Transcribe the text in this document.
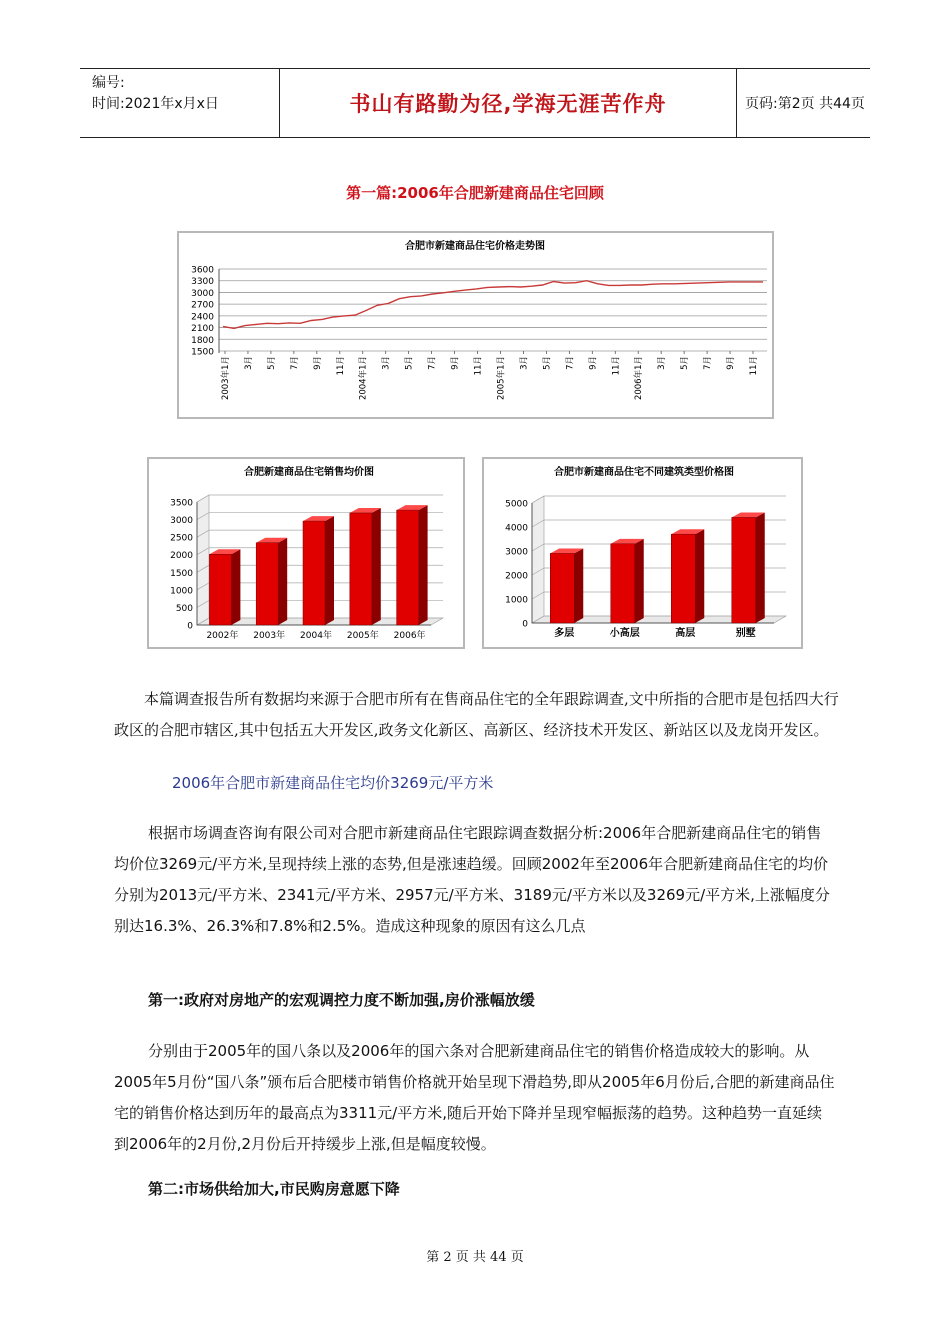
编号:
时间:2021年x月x日	书山有路勤为径,学海无涯苦作舟	页码:第2页 共44页
第一篇:2006年合肥新建商品住宅回顾
合肥市新建商品住宅价格走势图
3600
3300
3000
2700
2400
2100
1800
1500
2003年1月 3月 5月 7月 9月 11月 2004年1月 3月 5月 7月 9月 11月 2005年1月 3月 5月 7月 9月 11月 2006年1月 3月 5月 7月 9月 11月
合肥新建商品住宅销售均价图
3500
3000
2500
2000
1500
1000
500
0
2002年 2003年 2004年 2005年 2006年
合肥市新建商品住宅不同建筑类型价格图
5000
4000
3000
2000
1000
0
多层	小高层	高层	别墅
本篇调查报告所有数据均来源于合肥市所有在售商品住宅的全年跟踪调查,文中所指的合肥市是包括四大行政区的合肥市辖区,其中包括五大开发区,政务文化新区、高新区、经济技术开发区、新站区以及龙岗开发区。
2006年合肥市新建商品住宅均价3269元/平方米
根据市场调查咨询有限公司对合肥市新建商品住宅跟踪调查数据分析:2006年合肥新建商品住宅的销售均价位3269元/平方米,呈现持续上涨的态势,但是涨速趋缓。回顾2002年至2006年合肥新建商品住宅的均价分别为2013元/平方米、2341元/平方米、2957元/平方米、3189元/平方米以及3269元/平方米,上涨幅度分别达16.3%、26.3%和7.8%和2.5%。造成这种现象的原因有这么几点
第一:政府对房地产的宏观调控力度不断加强,房价涨幅放缓
分别由于2005年的国八条以及2006年的国六条对合肥新建商品住宅的销售价格造成较大的影响。从2005年5月份“国八条”颁布后合肥楼市销售价格就开始呈现下滑趋势,即从2005年6月份后,合肥的新建商品住宅的销售价格达到历年的最高点为3311元/平方米,随后开始下降并呈现窄幅振荡的趋势。这种趋势一直延续到2006年的2月份,2月份后开持缓步上涨,但是幅度较慢。
第二:市场供给加大,市民购房意愿下降
第 2 页 共 44 页
